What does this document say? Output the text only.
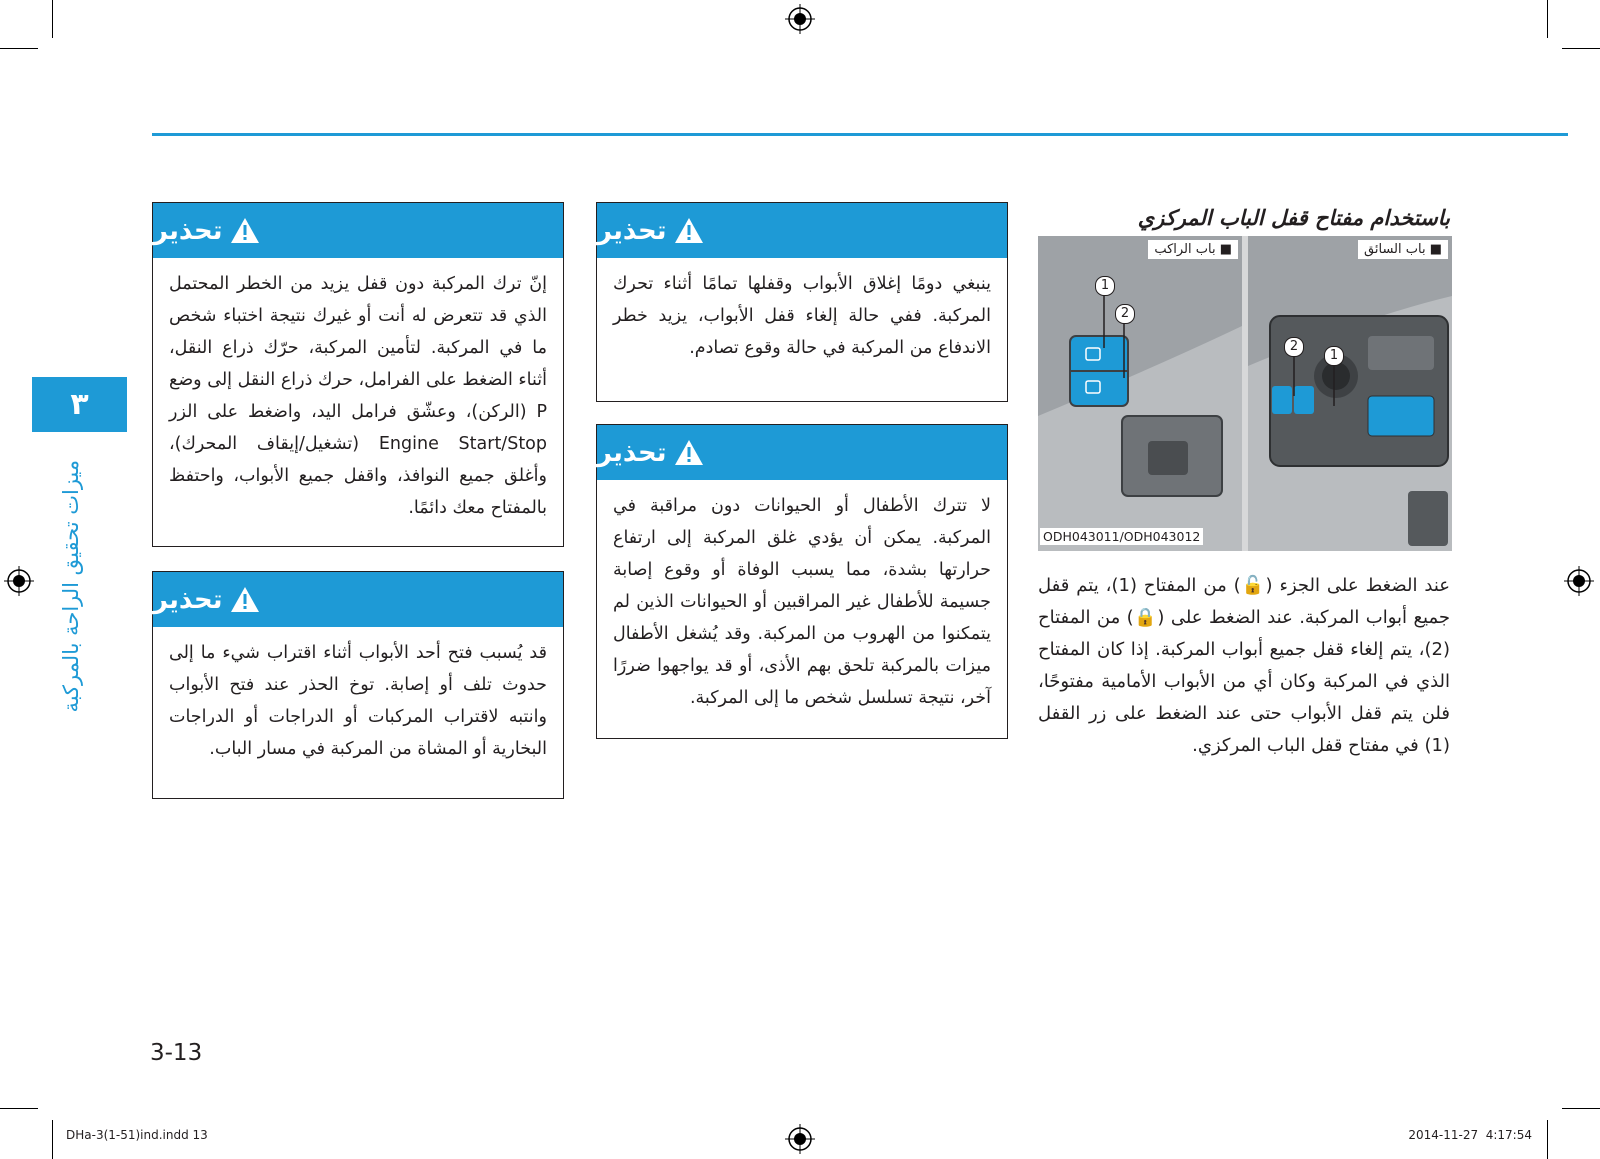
٣
ميزات تحقيق الراحة بالمركبة
تحذير
إنّ ترك المركبة دون قفل يزيد من الخطر المحتمل الذي قد تتعرض له أنت أو غيرك نتيجة اختباء شخص ما في المركبة. لتأمين المركبة، حرّك ذراع النقل، أثناء الضغط على الفرامل، حرك ذراع النقل إلى وضع P (الركن)، وعشّق فرامل اليد، واضغط على الزر Engine Start/Stop (تشغيل/إيقاف المحرك)، وأغلق جميع النوافذ، واقفل جميع الأبواب، واحتفظ بالمفتاح معك دائمًا.
تحذير
قد يُسبب فتح أحد الأبواب أثناء اقتراب شيء ما إلى حدوث تلف أو إصابة. توخ الحذر عند فتح الأبواب وانتبه لاقتراب المركبات أو الدراجات أو الدراجات البخارية أو المشاة من المركبة في مسار الباب.
تحذير
ينبغي دومًا إغلاق الأبواب وقفلها تمامًا أثناء تحرك المركبة. ففي حالة إلغاء قفل الأبواب، يزيد خطر الاندفاع من المركبة في حالة وقوع تصادم.
تحذير
لا تترك الأطفال أو الحيوانات دون مراقبة في المركبة. يمكن أن يؤدي غلق المركبة إلى ارتفاع حرارتها بشدة، مما يسبب الوفاة أو وقوع إصابة جسيمة للأطفال غير المراقبين أو الحيوانات الذين لم يتمكنوا من الهروب من المركبة. وقد يُشغل الأطفال ميزات بالمركبة تلحق بهم الأذى، أو قد يواجهوا ضررًا آخر، نتيجة تسلسل شخص ما إلى المركبة.
باستخدام مفتاح قفل الباب المركزي
1
2
■ باب الراكب
ODH043011/ODH043012
2
1
■ باب السائق
عند الضغط على الجزء (🔓) من المفتاح (1)، يتم قفل جميع أبواب المركبة. عند الضغط على (🔒) من المفتاح (2)، يتم إلغاء قفل جميع أبواب المركبة. إذا كان المفتاح الذي في المركبة وكان أي من الأبواب الأمامية مفتوحًا، فلن يتم قفل الأبواب حتى عند الضغط على زر القفل (1) في مفتاح قفل الباب المركزي.
3-13
DHa-3(1-51)ind.indd 13	2014-11-27 ￼￼ 4:17:54
